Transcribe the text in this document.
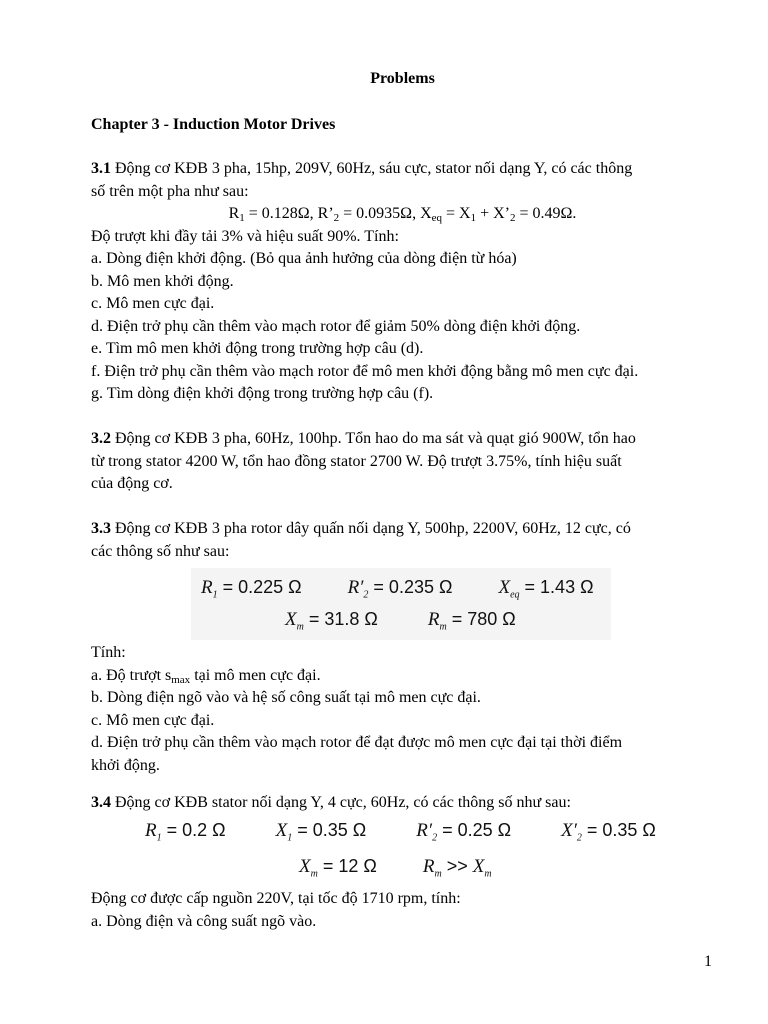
Problems
Chapter 3 - Induction Motor Drives
3.1 Động cơ KĐB 3 pha, 15hp, 209V, 60Hz, sáu cực, stator nối dạng Y, có các thông
số trên một pha như sau:
$R_1 = 0.128\Omega$, $R’_2 = 0.0935\Omega$, $X_{eq} = X_1$ + $X’_2 = 0.49\Omega$.
Độ trượt khi đầy tải 3% và hiệu suất 90%. Tính:
a. Dòng điện khởi động. (Bỏ qua ảnh hưởng của dòng điện từ hóa)
b. Mô men khởi động.
c. Mô men cực đại.
d. Điện trở phụ cần thêm vào mạch rotor để giảm 50% dòng điện khởi động.
e. Tìm mô men khởi động trong trường hợp câu (d).
f. Điện trở phụ cần thêm vào mạch rotor để mô men khởi động bằng mô men cực đại.
g. Tìm dòng điện khởi động trong trường hợp câu (f).
3.2 Động cơ KĐB 3 pha, 60Hz, 100hp. Tổn hao do ma sát và quạt gió 900W, tổn hao
từ trong stator 4200 W, tổn hao đồng stator 2700 W. Độ trượt 3.75%, tính hiệu suất
của động cơ.
3.3 Động cơ KĐB 3 pha rotor dây quấn nối dạng Y, 500hp, 2200V, 60Hz, 12 cực, có
các thông số như sau:
$R_1 = 0.225$ Ω $R'_2 = 0.235$ Ω $X_{eq} = 1.43$ Ω
$X_m = 31.8$ Ω	$R_m = 780$ Ω
Tính:
a. Độ trượt $s_{max}$ tại mô men cực đại.
b. Dòng điện ngõ vào và hệ số công suất tại mô men cực đại.
c. Mô men cực đại.
d. Điện trở phụ cần thêm vào mạch rotor để đạt được mô men cực đại tại thời điểm
khởi động.
3.4 Động cơ KĐB stator nối dạng Y, 4 cực, 60Hz, có các thông số như sau:
$R_1 = 0.2$ Ω	$X_1 = 0.35$ Ω	$R'_2 = 0.25$ Ω	$X'_2 = 0.35$ Ω
$X_m = 12$ Ω $R_m >> X_m$
Động cơ được cấp nguồn 220V, tại tốc độ 1710 rpm, tính:
a. Dòng điện và công suất ngõ vào.
1
